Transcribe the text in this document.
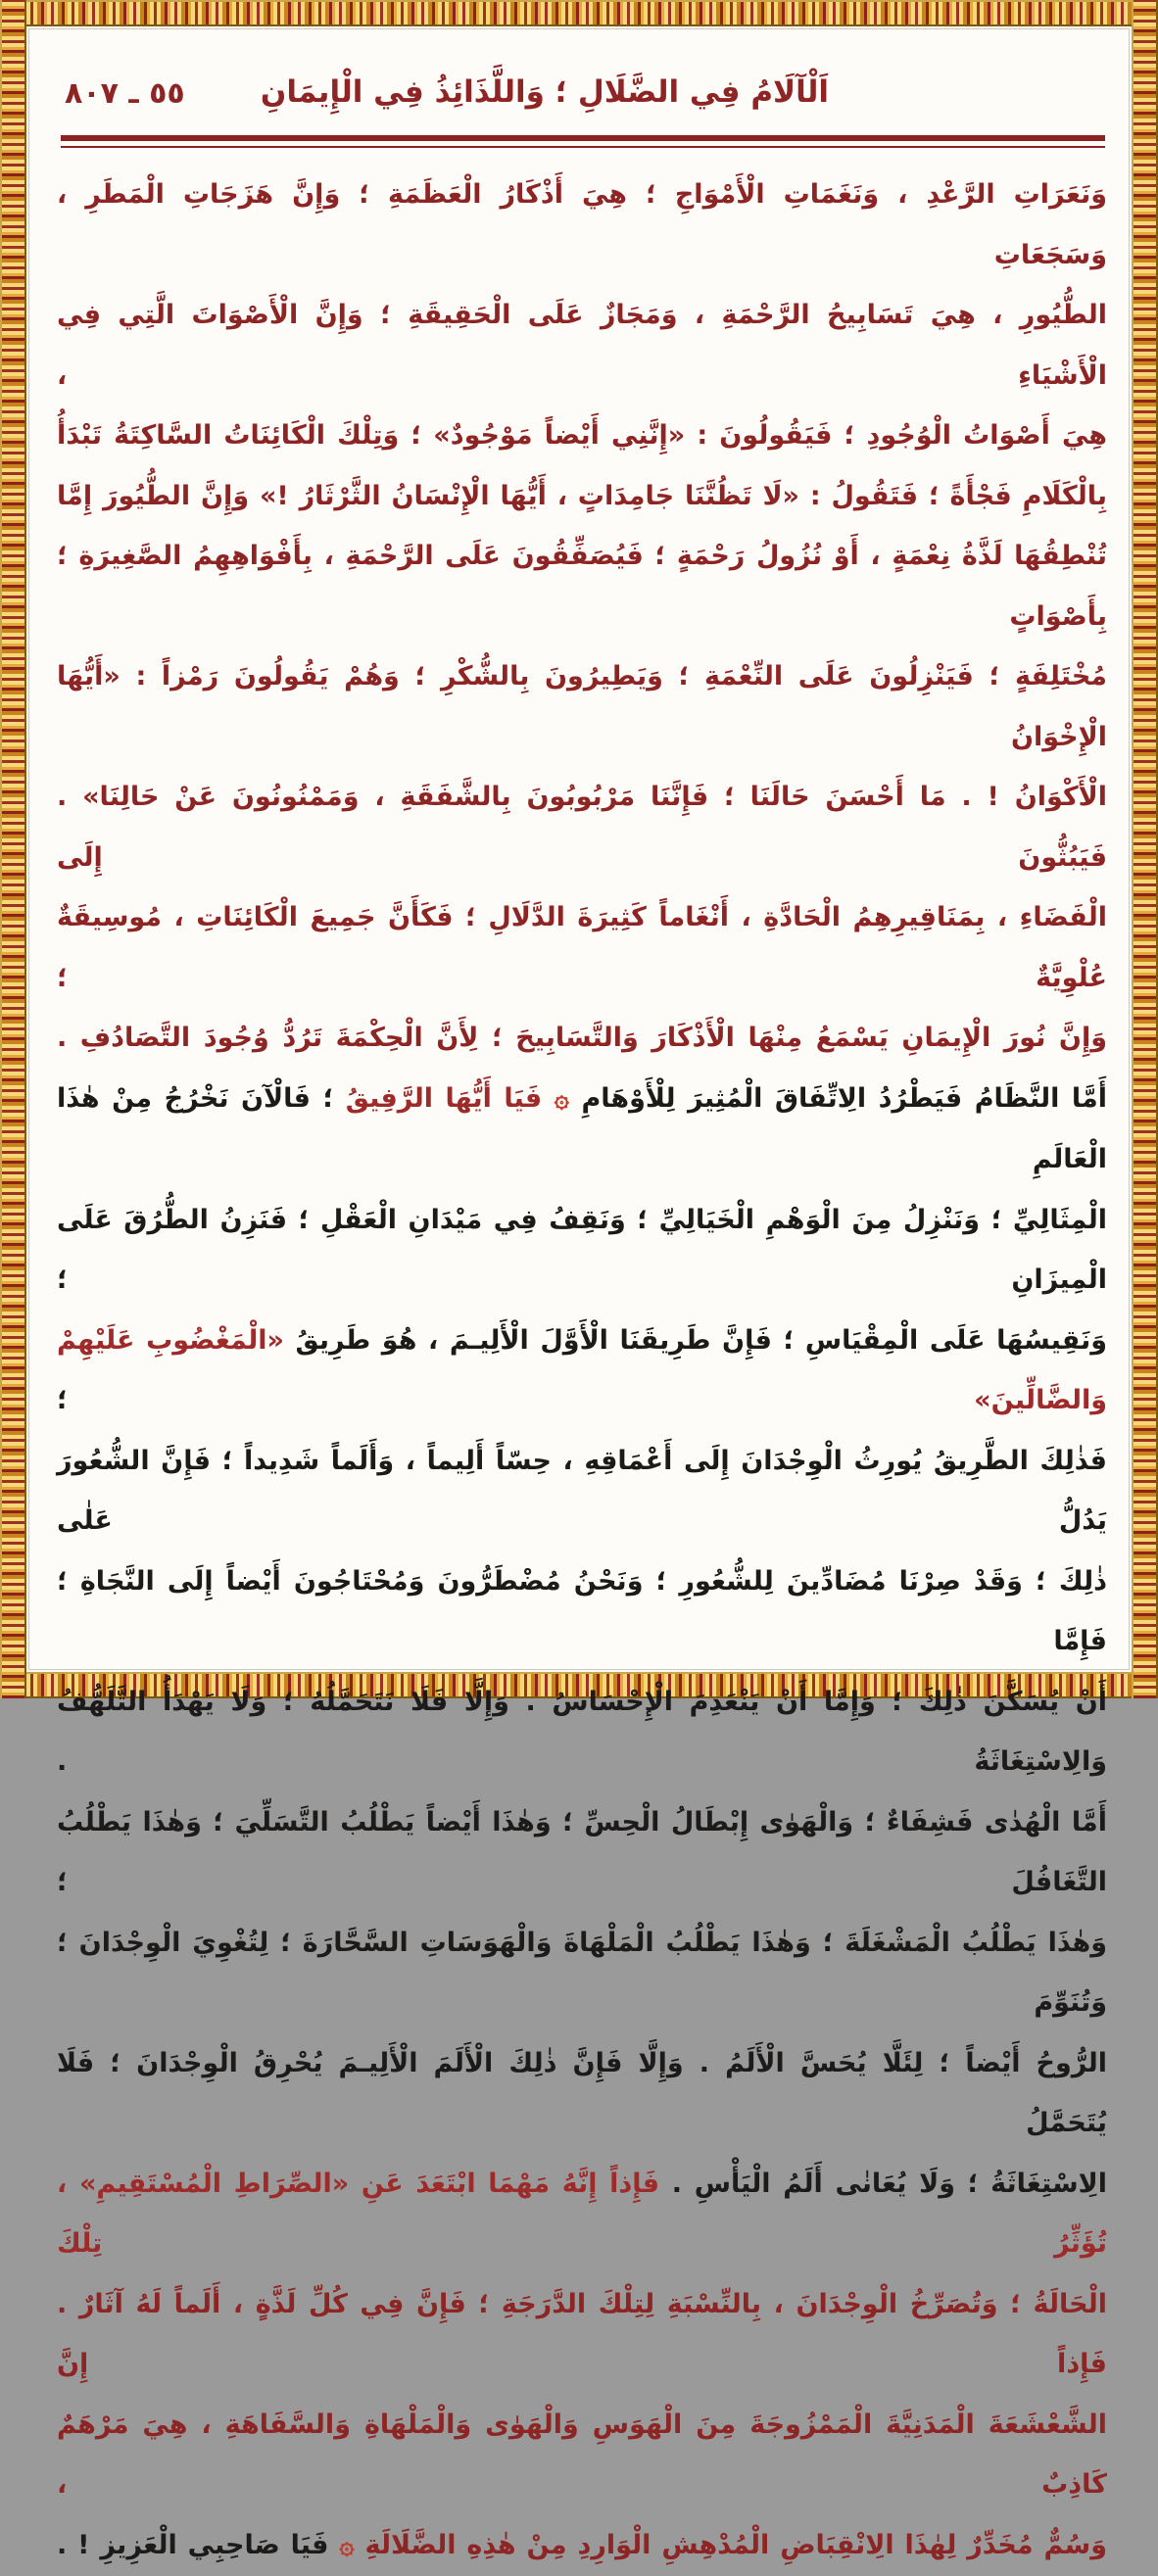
٥٥ ـ ٨٠٧	اَلْآلَامُ فِي الضَّلَالِ ؛ وَاللَّذَائِذُ فِي الْإِيمَانِ
وَنَعَرَاتِ الرَّعْدِ ، وَنَغَمَاتِ الْأَمْوَاجِ ؛ هِيَ أَذْكَارُ الْعَظَمَةِ ؛ وَإِنَّ هَزَجَاتِ الْمَطَرِ ، وَسَجَعَاتِ
الطُّيُورِ ، هِيَ تَسَابِيحُ الرَّحْمَةِ ، وَمَجَازٌ عَلَى الْحَقِيقَةِ ؛ وَإِنَّ الْأَصْوَاتَ الَّتِي فِي الْأَشْيَاءِ ،
هِيَ أَصْوَاتُ الْوُجُودِ ؛ فَيَقُولُونَ : «إِنَّنِي أَيْضاً مَوْجُودٌ» ؛ وَتِلْكَ الْكَائِنَاتُ السَّاكِتَةُ تَبْدَأُ
بِالْكَلَامِ فَجْأَةً ؛ فَتَقُولُ : «لَا تَظُنَّنَا جَامِدَاتٍ ، أَيُّهَا الْإِنْسَانُ الثَّرْثَارُ !» وَإِنَّ الطُّيُورَ إِمَّا
تُنْطِقُهَا لَذَّةُ نِعْمَةٍ ، أَوْ نُزُولُ رَحْمَةٍ ؛ فَيُصَفِّقُونَ عَلَى الرَّحْمَةِ ، بِأَفْوَاهِهِمُ الصَّغِيرَةِ ؛ بِأَصْوَاتٍ
مُخْتَلِفَةٍ ؛ فَيَنْزِلُونَ عَلَى النِّعْمَةِ ؛ وَيَطِيرُونَ بِالشُّكْرِ ؛ وَهُمْ يَقُولُونَ رَمْزاً : «أَيُّهَا الْإِخْوَانُ
الْأَكْوَانُ ! . مَا أَحْسَنَ حَالَنَا ؛ فَإِنَّنَا مَرْبُوبُونَ بِالشَّفَقَةِ ، وَمَمْنُونُونَ عَنْ حَالِنَا» . فَيَبُثُّونَ إِلَى
الْفَضَاءِ ، بِمَنَاقِيرِهِمُ الْحَادَّةِ ، أَنْغَاماً كَثِيرَةَ الدَّلَالِ ؛ فَكَأَنَّ جَمِيعَ الْكَائِنَاتِ ، مُوسِيقَةٌ عُلْوِيَّةٌ ؛
وَإِنَّ نُورَ الْإِيمَانِ يَسْمَعُ مِنْهَا الْأَذْكَارَ وَالتَّسَابِيحَ ؛ لِأَنَّ الْحِكْمَةَ تَرُدُّ وُجُودَ التَّصَادُفِ .
أَمَّا النَّظَامُ فَيَطْرُدُ الِاتِّفَاقَ الْمُثِيرَ لِلْأَوْهَامِ ۞ فَيَا أَيُّهَا الرَّفِيقُ ؛ فَالْآنَ نَخْرُجُ مِنْ هٰذَا الْعَالَمِ
الْمِثَالِيِّ ؛ وَنَنْزِلُ مِنَ الْوَهْمِ الْخَيَالِيِّ ؛ وَنَقِفُ فِي مَيْدَانِ الْعَقْلِ ؛ فَنَزِنُ الطُّرُقَ عَلَى الْمِيزَانِ ؛
وَنَقِيسُهَا عَلَى الْمِقْيَاسِ ؛ فَإِنَّ طَرِيقَنَا الْأَوَّلَ الْأَلِيـمَ ، هُوَ طَرِيقُ «الْمَغْضُوبِ عَلَيْهِمْ وَالضَّالِّينَ» ؛
فَذٰلِكَ الطَّرِيقُ يُورِثُ الْوِجْدَانَ إِلَى أَعْمَاقِهِ ، حِسّاً أَلِيماً ، وَأَلَماً شَدِيداً ؛ فَإِنَّ الشُّعُورَ يَدُلُّ عَلٰى
ذٰلِكَ ؛ وَقَدْ صِرْنَا مُضَادِّينَ لِلشُّعُورِ ؛ وَنَحْنُ مُضْطَرُّونَ وَمُحْتَاجُونَ أَيْضاً إِلَى النَّجَاةِ ؛ فَإِمَّا
أَنْ يُسَكَّنَ ذٰلِكَ ؛ وَإِمَّا أَنْ يَنْعَدِمَ الْإِحْسَاسُ . وَإِلَّا فَلَا نَتَحَمَّلُهُ ؛ وَلَا يَهْدَأُ التَّلَهُّفُ وَالِاسْتِغَاثَةُ .
أَمَّا الْهُدٰى فَشِفَاءٌ ؛ وَالْهَوٰى إِبْطَالُ الْحِسِّ ؛ وَهٰذَا أَيْضاً يَطْلُبُ التَّسَلِّيَ ؛ وَهٰذَا يَطْلُبُ التَّغَافُلَ ؛
وَهٰذَا يَطْلُبُ الْمَشْغَلَةَ ؛ وَهٰذَا يَطْلُبُ الْمَلْهَاةَ وَالْهَوَسَاتِ السَّحَّارَةَ ؛ لِتُغْوِيَ الْوِجْدَانَ ؛ وَتُنَوِّمَ
الرُّوحُ أَيْضاً ؛ لِئَلَّا يُحَسَّ الْأَلَمُ . وَإِلَّا فَإِنَّ ذٰلِكَ الْأَلَمَ الْأَلِيـمَ يُحْرِقُ الْوِجْدَانَ ؛ فَلَا يُتَحَمَّلُ
الِاسْتِغَاثَةُ ؛ وَلَا يُعَانٰى أَلَمُ الْيَأْسِ . فَإِذاً إِنَّهُ مَهْمَا ابْتَعَدَ عَنِ «الصِّرَاطِ الْمُسْتَقِيمِ» ، تُؤَثِّرُ تِلْكَ
الْحَالَةُ ؛ وَتُصَرِّخُ الْوِجْدَانَ ، بِالنِّسْبَةِ لِتِلْكَ الدَّرَجَةِ ؛ فَإِنَّ فِي كُلِّ لَذَّةٍ ، أَلَماً لَهُ آثَارٌ . فَإِذاً إِنَّ
الشَّعْشَعَةَ الْمَدَنِيَّةَ الْمَمْزُوجَةَ مِنَ الْهَوَسِ وَالْهَوٰى وَالْمَلْهَاةِ وَالسَّفَاهَةِ ، هِيَ مَرْهَمٌ كَاذِبٌ ،
وَسُمٌّ مُخَدِّرٌ لِهٰذَا الِانْقِبَاضِ الْمُدْهِشِ الْوَارِدِ مِنْ هٰذِهِ الضَّلَالَةِ ۞ فَيَا صَاحِبِي الْعَزِيزِ ! .
